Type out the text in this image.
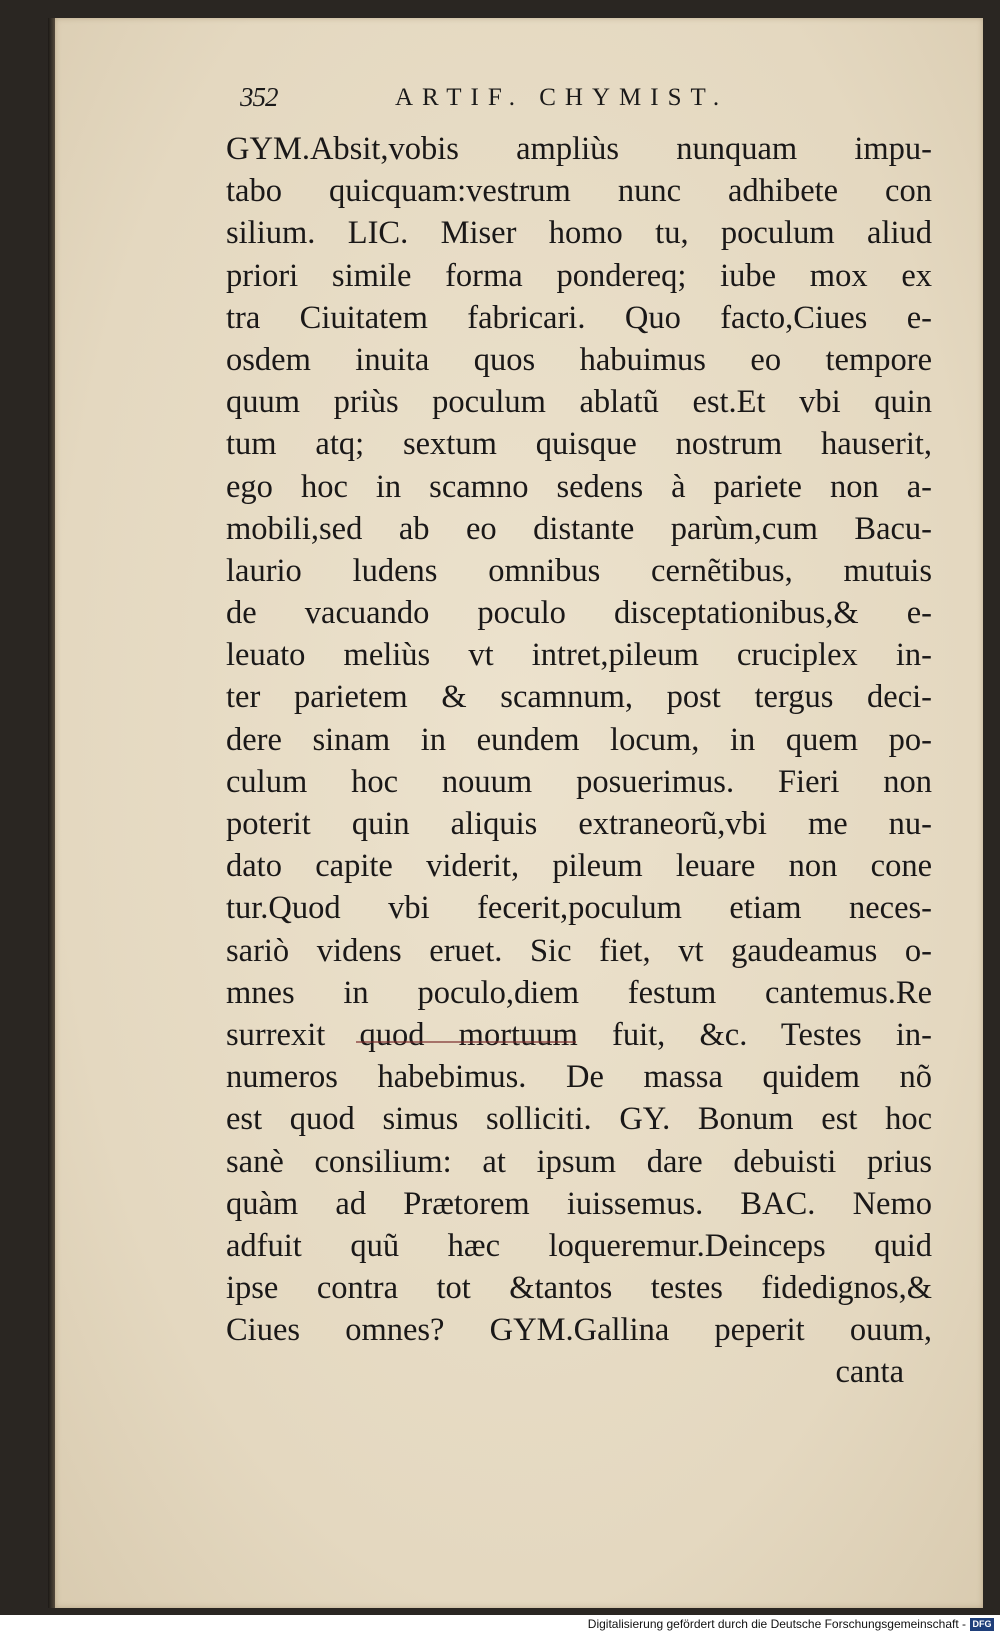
352	ARTIF. CHYMIST.
GYM.Absit,vobis ampliùs nunquam impu-
tabo quicquam:vestrum nunc adhibete con
silium. LIC. Miser homo tu, poculum aliud
priori simile forma pondereq; iube mox ex
tra Ciuitatem fabricari. Quo facto,Ciues e-
osdem inuita quos habuimus eo tempore
quum priùs poculum ablatũ est.Et vbi quin
tum atq; sextum quisque nostrum hauserit,
ego hoc in scamno sedens à pariete non a-
mobili,sed ab eo distante parùm,cum Bacu-
laurio ludens omnibus cernẽtibus, mutuis
de vacuando poculo disceptationibus,& e-
leuato meliùs vt intret,pileum cruciplex in-
ter parietem & scamnum, post tergus deci-
dere sinam in eundem locum, in quem po-
culum hoc nouum posuerimus. Fieri non
poterit quin aliquis extraneorũ,vbi me nu-
dato capite viderit, pileum leuare non cone
tur.Quod vbi fecerit,poculum etiam neces-
sariò videns eruet. Sic fiet, vt gaudeamus o-
mnes in poculo,diem festum cantemus.Re
surrexit quod mortuum fuit, &c. Testes in-
numeros habebimus. De massa quidem nõ
est quod simus solliciti. GY. Bonum est hoc
sanè consilium: at ipsum dare debuisti prius
quàm ad Prætorem iuissemus. BAC. Nemo
adfuit quũ hæc loqueremur.Deinceps quid
ipse contra tot &tantos testes fidedignos,&
Ciues omnes? GYM.Gallina peperit ouum,
canta
Digitalisierung gefördert durch die Deutsche Forschungsgemeinschaft - DFG
